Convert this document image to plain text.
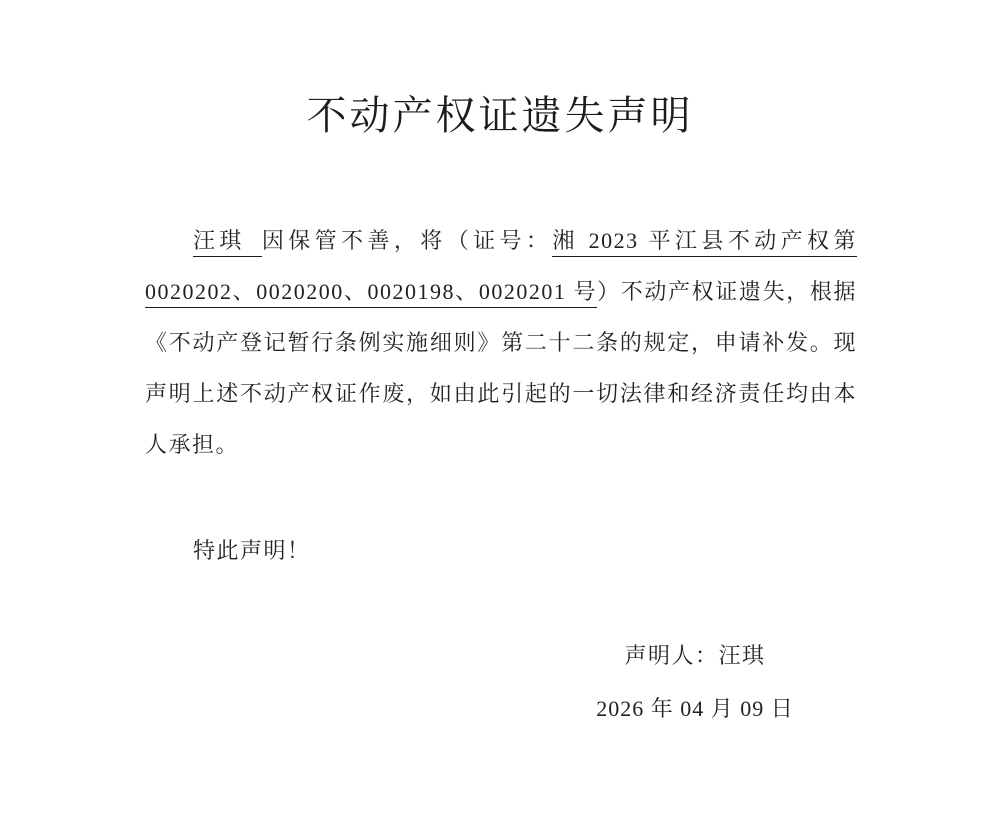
不动产权证遗失声明
汪琪 因保管不善，将（证号：湘 2023 平江县不动产权第 0020202、0020200、0020198、0020201 号）不动产权证遗失，根据《不动产登记暂行条例实施细则》第二十二条的规定，申请补发。现声明上述不动产权证作废，如由此引起的一切法律和经济责任均由本人承担。
特此声明！
声明人：汪琪
2026 年 04 月 09 日
